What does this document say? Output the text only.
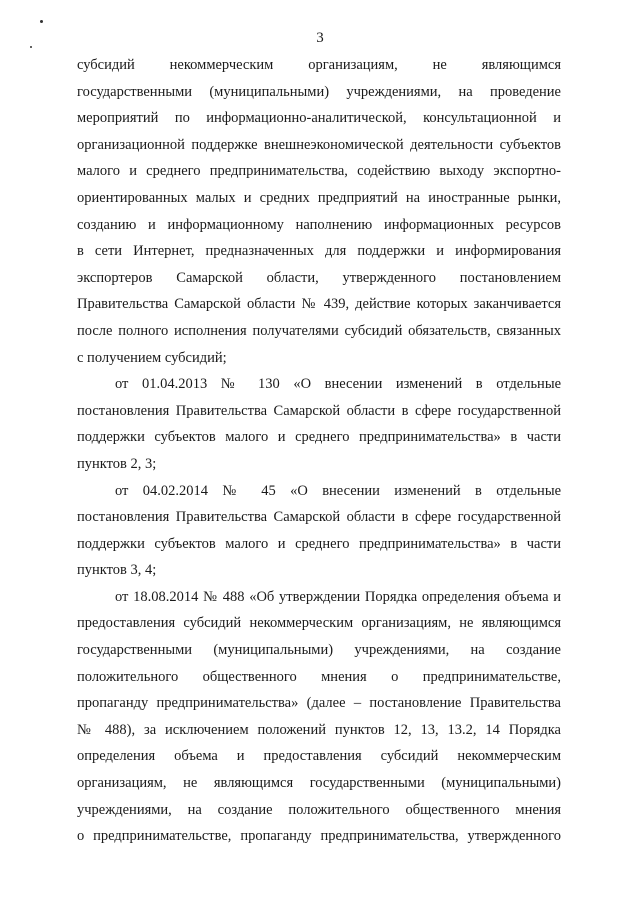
3
субсидий некоммерческим организациям, не являющимся
государственными (муниципальными) учреждениями, на проведение
мероприятий по информационно-аналитической, консультационной и
организационной поддержке внешнеэкономической деятельности субъектов
малого и среднего предпринимательства, содействию выходу экспортно-
ориентированных малых и средних предприятий на иностранные рынки,
созданию и информационному наполнению информационных ресурсов
в сети Интернет, предназначенных для поддержки и информирования
экспортеров Самарской области, утвержденного постановлением
Правительства Самарской области № 439, действие которых заканчивается
после полного исполнения получателями субсидий обязательств, связанных
с получением субсидий;
от 01.04.2013 № 130 «О внесении изменений в отдельные
постановления Правительства Самарской области в сфере государственной
поддержки субъектов малого и среднего предпринимательства» в части
пунктов 2, 3;
от 04.02.2014 № 45 «О внесении изменений в отдельные
постановления Правительства Самарской области в сфере государственной
поддержки субъектов малого и среднего предпринимательства» в части
пунктов 3, 4;
от 18.08.2014 № 488 «Об утверждении Порядка определения объема и
предоставления субсидий некоммерческим организациям, не являющимся
государственными (муниципальными) учреждениями, на создание
положительного общественного мнения о предпринимательстве,
пропаганду предпринимательства» (далее – постановление Правительства
№ 488), за исключением положений пунктов 12, 13, 13.2, 14 Порядка
определения объема и предоставления субсидий некоммерческим
организациям, не являющимся государственными (муниципальными)
учреждениями, на создание положительного общественного мнения
о предпринимательстве, пропаганду предпринимательства, утвержденного
